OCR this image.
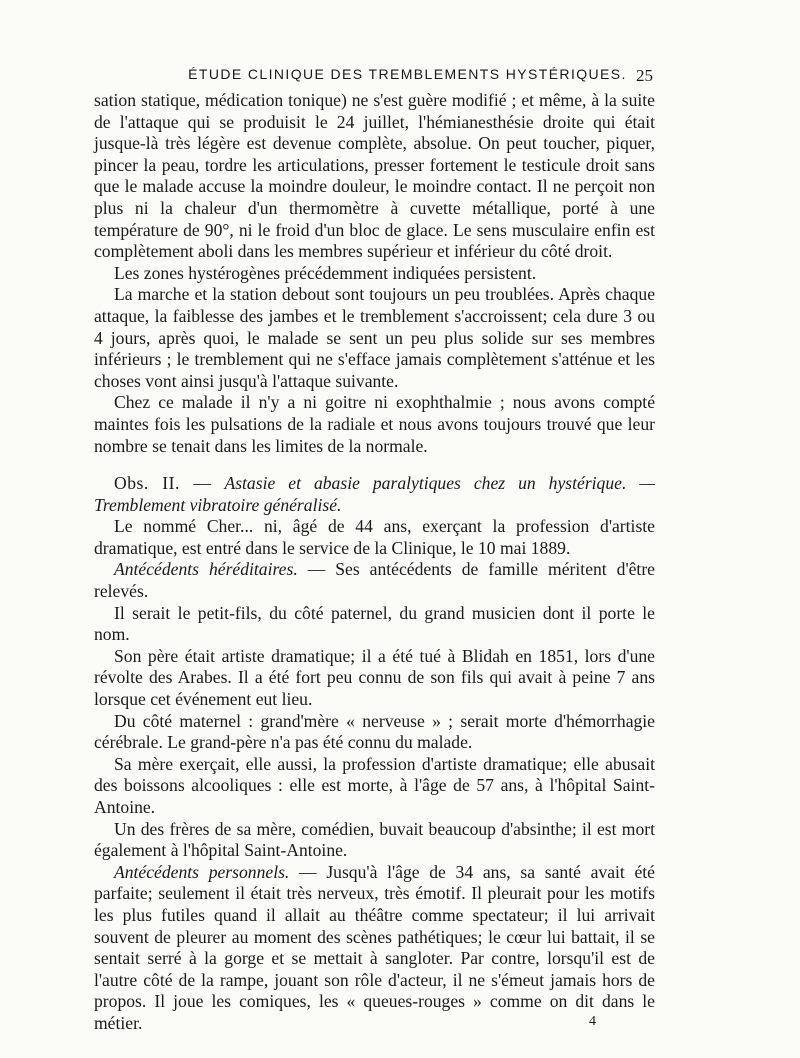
ÉTUDE CLINIQUE DES TREMBLEMENTS HYSTÉRIQUES. 25

sation statique, médication tonique) ne s'est guère modifié ; et même, à la suite de l'attaque qui se produisit le 24 juillet, l'hémianesthésie droite qui était jusque-là très légère est devenue complète, absolue. On peut toucher, piquer, pincer la peau, tordre les articulations, presser fortement le testicule droit sans que le malade accuse la moindre douleur, le moindre contact. Il ne perçoit non plus ni la chaleur d'un thermomètre à cuvette métallique, porté à une température de 90°, ni le froid d'un bloc de glace. Le sens musculaire enfin est complètement aboli dans les membres supérieur et inférieur du côté droit.

Les zones hystérogènes précédemment indiquées persistent.

La marche et la station debout sont toujours un peu troublées. Après chaque attaque, la faiblesse des jambes et le tremblement s'accroissent; cela dure 3 ou 4 jours, après quoi, le malade se sent un peu plus solide sur ses membres inférieurs ; le tremblement qui ne s'efface jamais complètement s'atténue et les choses vont ainsi jusqu'à l'attaque suivante.

Chez ce malade il n'y a ni goitre ni exophthalmie ; nous avons compté maintes fois les pulsations de la radiale et nous avons toujours trouvé que leur nombre se tenait dans les limites de la normale.

Obs. II. — Astasie et abasie paralytiques chez un hystérique. — Tremblement vibratoire généralisé.

Le nommé Cher... ni, âgé de 44 ans, exerçant la profession d'artiste dramatique, est entré dans le service de la Clinique, le 10 mai 1889.

Antécédents héréditaires. — Ses antécédents de famille méritent d'être relevés.

Il serait le petit-fils, du côté paternel, du grand musicien dont il porte le nom.

Son père était artiste dramatique; il a été tué à Blidah en 1851, lors d'une révolte des Arabes. Il a été fort peu connu de son fils qui avait à peine 7 ans lorsque cet événement eut lieu.

Du côté maternel : grand'mère « nerveuse » ; serait morte d'hémorrhagie cérébrale. Le grand-père n'a pas été connu du malade.

Sa mère exerçait, elle aussi, la profession d'artiste dramatique; elle abusait des boissons alcooliques : elle est morte, à l'âge de 57 ans, à l'hôpital Saint-Antoine.

Un des frères de sa mère, comédien, buvait beaucoup d'absinthe; il est mort également à l'hôpital Saint-Antoine.

Antécédents personnels. — Jusqu'à l'âge de 34 ans, sa santé avait été parfaite; seulement il était très nerveux, très émotif. Il pleurait pour les motifs les plus futiles quand il allait au théâtre comme spectateur; il lui arrivait souvent de pleurer au moment des scènes pathétiques; le cœur lui battait, il se sentait serré à la gorge et se mettait à sangloter. Par contre, lorsqu'il est de l'autre côté de la rampe, jouant son rôle d'acteur, il ne s'émeut jamais hors de propos. Il joue les comiques, les « queues-rouges » comme on dit dans le métier.	4
